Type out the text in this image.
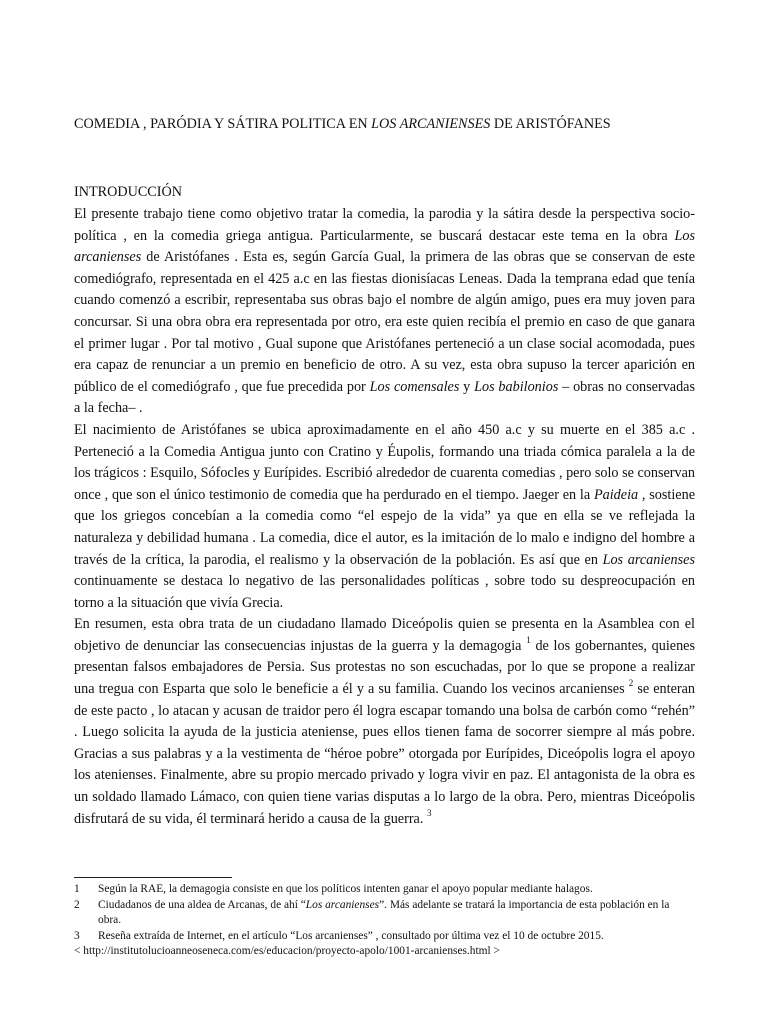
COMEDIA , PARÓDIA Y SÁTIRA POLITICA EN LOS ARCANIENSES DE ARISTÓFANES
INTRODUCCIÓN

El presente trabajo tiene como objetivo tratar la comedia, la parodia y la sátira desde la perspectiva socio-política , en la comedia griega antigua. Particularmente, se buscará destacar este tema en la obra Los arcanienses de Aristófanes . Esta es, según García Gual, la primera de las obras que se conservan de este comediógrafo, representada en el 425 a.c en las fiestas dionisíacas Leneas. Dada la temprana edad que tenía cuando comenzó a escribir, representaba sus obras bajo el nombre de algún amigo, pues era muy joven para concursar. Si una obra obra era representada por otro, era este quien recibía el premio en caso de que ganara el primer lugar . Por tal motivo , Gual supone que Aristófanes perteneció a un clase social acomodada, pues era capaz de renunciar a un premio en beneficio de otro. A su vez, esta obra supuso la tercer aparición en público de el comediógrafo , que fue precedida por Los comensales y Los babilonios – obras no conservadas a la fecha– .

El nacimiento de Aristófanes se ubica aproximadamente en el año 450 a.c y su muerte en el 385 a.c . Perteneció a la Comedia Antigua junto con Cratino y Éupolis, formando una triada cómica paralela a la de los trágicos : Esquilo, Sófocles y Eurípides. Escribió alrededor de cuarenta comedias , pero solo se conservan once , que son el único testimonio de comedia que ha perdurado en el tiempo. Jaeger en la Paideia , sostiene que los griegos concebían a la comedia como “el espejo de la vida” ya que en ella se ve reflejada la naturaleza y debilidad humana . La comedia, dice el autor, es la imitación de lo malo e indigno del hombre a través de la crítica, la parodia, el realismo y la observación de la población. Es así que en Los arcanienses continuamente se destaca lo negativo de las personalidades políticas , sobre todo su despreocupación en torno a la situación que vivía Grecia.

En resumen, esta obra trata de un ciudadano llamado Diceópolis quien se presenta en la Asamblea con el objetivo de denunciar las consecuencias injustas de la guerra y la demagogia $^1$ de los gobernantes, quienes presentan falsos embajadores de Persia. Sus protestas no son escuchadas, por lo que se propone a realizar una tregua con Esparta que solo le beneficie a él y a su familia. Cuando los vecinos arcanienses $^2$ se enteran de este pacto , lo atacan y acusan de traidor pero él logra escapar tomando una bolsa de carbón como “rehén” . Luego solicita la ayuda de la justicia ateniense, pues ellos tienen fama de socorrer siempre al más pobre. Gracias a sus palabras y a la vestimenta de “héroe pobre” otorgada por Eurípides, Diceópolis logra el apoyo los atenienses. Finalmente, abre su propio mercado privado y logra vivir en paz. El antagonista de la obra es un soldado llamado Lámaco, con quien tiene varias disputas a lo largo de la obra. Pero, mientras Diceópolis disfrutará de su vida, él terminará herido a causa de la guerra. $^3$

1	Según la RAE, la demagogia consiste en que los políticos intenten ganar el apoyo popular mediante halagos.
2	Ciudadanos de una aldea de Arcanas, de ahí “Los arcanienses”. Más adelante se tratará la importancia de esta población en la obra.
3	Reseña extraída de Internet, en el artículo “Los arcanienses” , consultado por última vez el 10 de octubre 2015.

< http://institutolucioanneoseneca.com/es/educacion/proyecto-apolo/1001-arcanienses.html >
